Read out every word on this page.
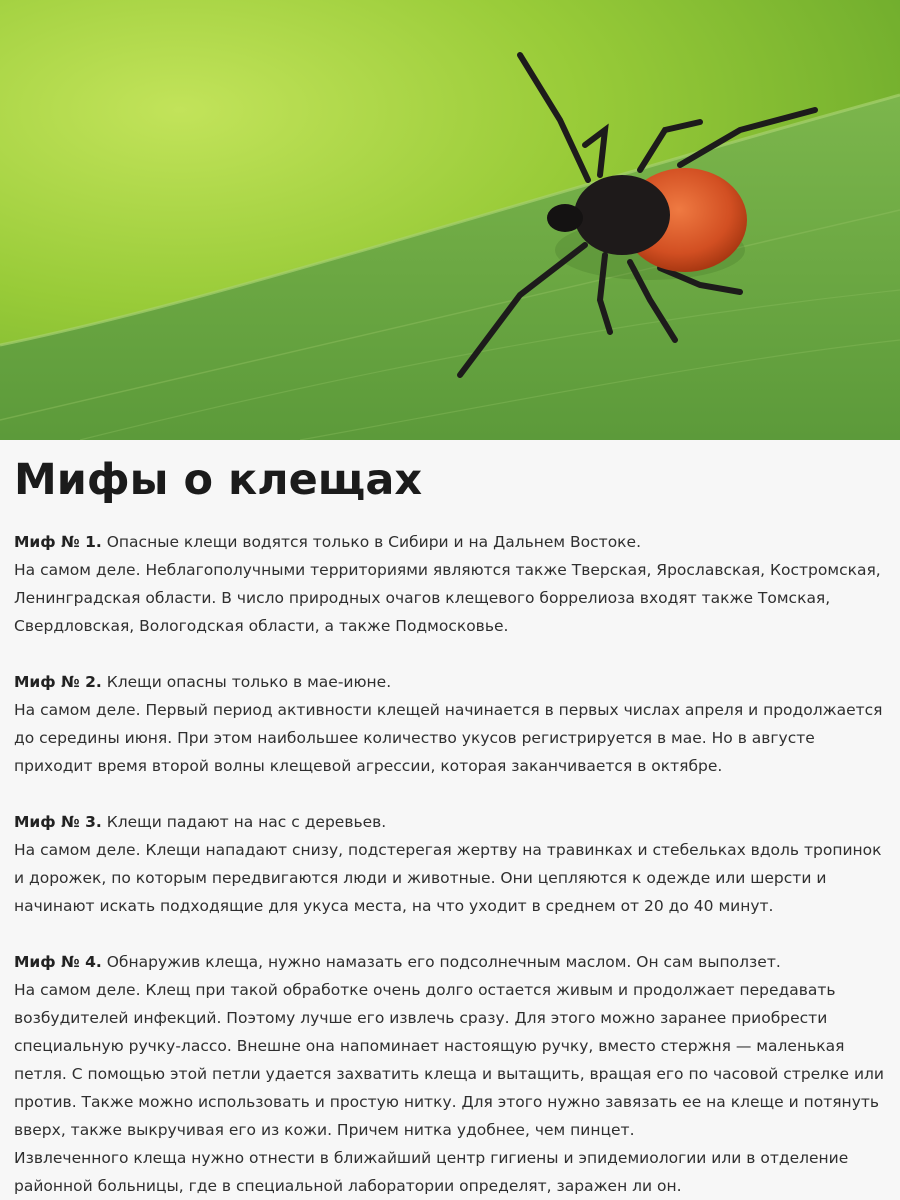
Мифы о клещах

Миф № 1. Опасные клещи водятся только в Сибири и на Дальнем Востоке.

На самом деле. Неблагополучными территориями являются также Тверская, Ярославская, Костромская, Ленинградская области. В число природных очагов клещевого боррелиоза входят также Томская, Свердловская, Вологодская области, а также Подмосковье.

Миф № 2. Клещи опасны только в мае-июне.

На самом деле. Первый период активности клещей начинается в первых числах апреля и продолжается до середины июня. При этом наибольшее количество укусов регистрируется в мае. Но в августе приходит время второй волны клещевой агрессии, которая заканчивается в октябре.

Миф № 3. Клещи падают на нас с деревьев.

На самом деле. Клещи нападают снизу, подстерегая жертву на травинках и стебельках вдоль тропинок и дорожек, по которым передвигаются люди и животные. Они цепляются к одежде или шерсти и начинают искать подходящие для укуса места, на что уходит в среднем от 20 до 40 минут.

Миф № 4. Обнаружив клеща, нужно намазать его подсолнечным маслом. Он сам выползет.

На самом деле. Клещ при такой обработке очень долго остается живым и продолжает передавать возбудителей инфекций. Поэтому лучше его извлечь сразу. Для этого можно заранее приобрести специальную ручку-лассо. Внешне она напоминает настоящую ручку, вместо стержня — маленькая петля. С помощью этой петли удается захватить клеща и вытащить, вращая его по часовой стрелке или против. Также можно использовать и простую нитку. Для этого нужно завязать ее на клеще и потянуть вверх, также выкручивая его из кожи. Причем нитка удобнее, чем пинцет.

Извлеченного клеща нужно отнести в ближайший центр гигиены и эпидемиологии или в отделение районной больницы, где в специальной лаборатории определят, заражен ли он.
